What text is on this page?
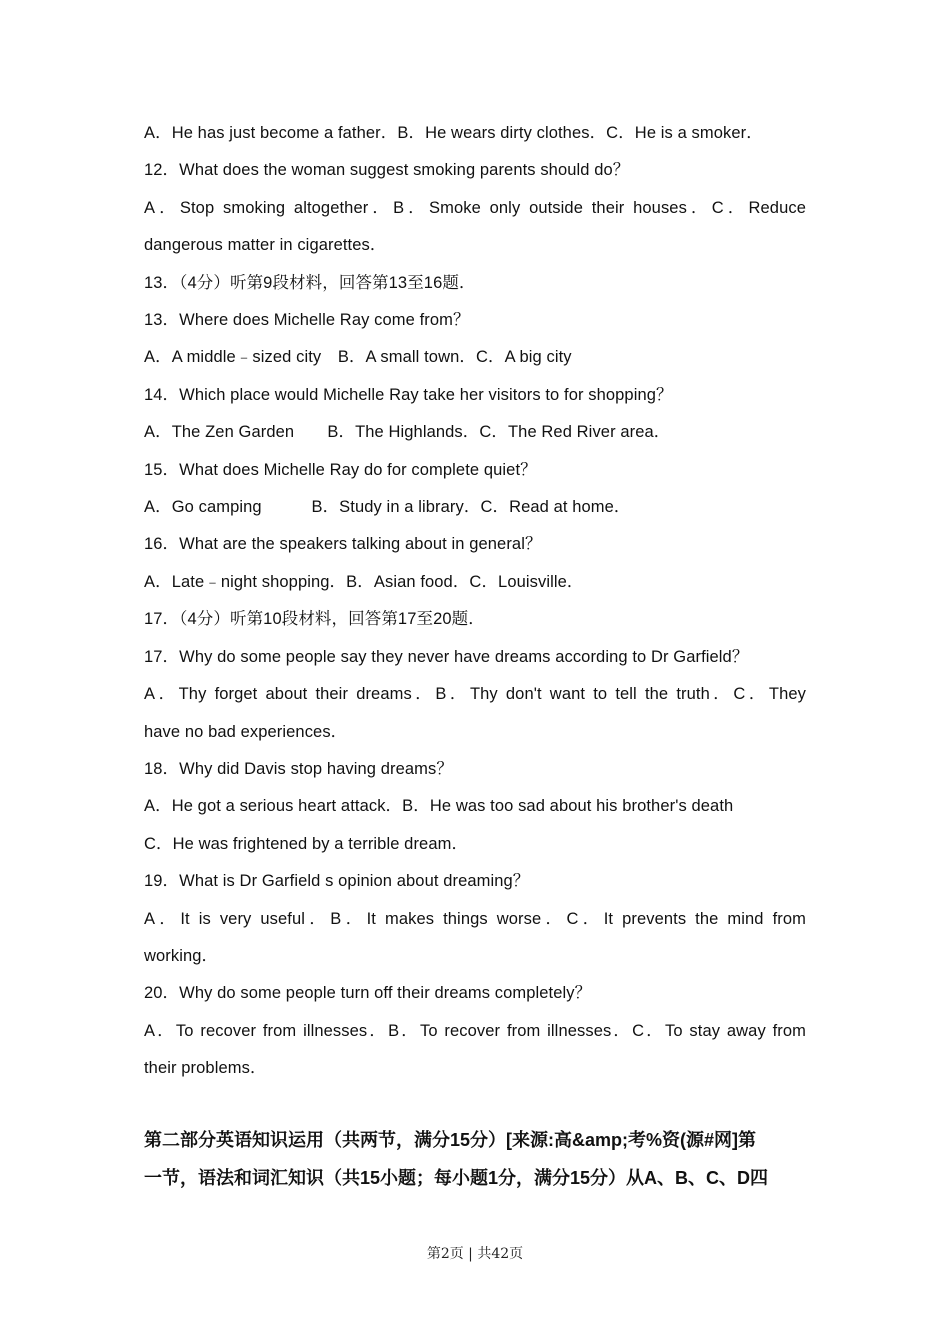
A．He has just become a father．B．He wears dirty clothes．C．He is a smoker．
12．What does the woman suggest smoking parents should do？
A．Stop smoking altogether．B．Smoke only outside their houses．C．Reduce
dangerous matter in cigarettes．
13．（4分）听第9段材料，回答第13至16题．
13．Where does Michelle Ray come from？
A．A middle﹣sized city　B．A small town．C．A big city
14．Which place would Michelle Ray take her visitors to for shopping？
A．The Zen Garden　　B．The Highlands．C．The Red River area．
15．What does Michelle Ray do for complete quiet？
A．Go camping　　　B．Study in a library．C．Read at home．
16．What are the speakers talking about in general？
A．Late﹣night shopping．B．Asian food．C．Louisville．
17．（4分）听第10段材料，回答第17至20题．
17．Why do some people say they never have dreams according to Dr Garfield？
A．Thy forget about their dreams．B．Thy don't want to tell the truth．C．They
have no bad experiences．
18．Why did Davis stop having dreams？
A．He got a serious heart attack．B．He was too sad about his brother's death
C．He was frightened by a terrible dream．
19．What is Dr Garfield s opinion about dreaming？
A．It is very useful．B．It makes things worse．C．It prevents the mind from
working．
20．Why do some people turn off their dreams completely？
A．To recover from illnesses．B．To recover from illnesses．C．To stay away from
their problems．
第二部分英语知识运用（共两节，满分15分）[来源:高&amp;考%资(源#网]第
一节，语法和词汇知识（共15小题；每小题1分，满分15分）从A、B、C、D四
第2页 | 共42页
